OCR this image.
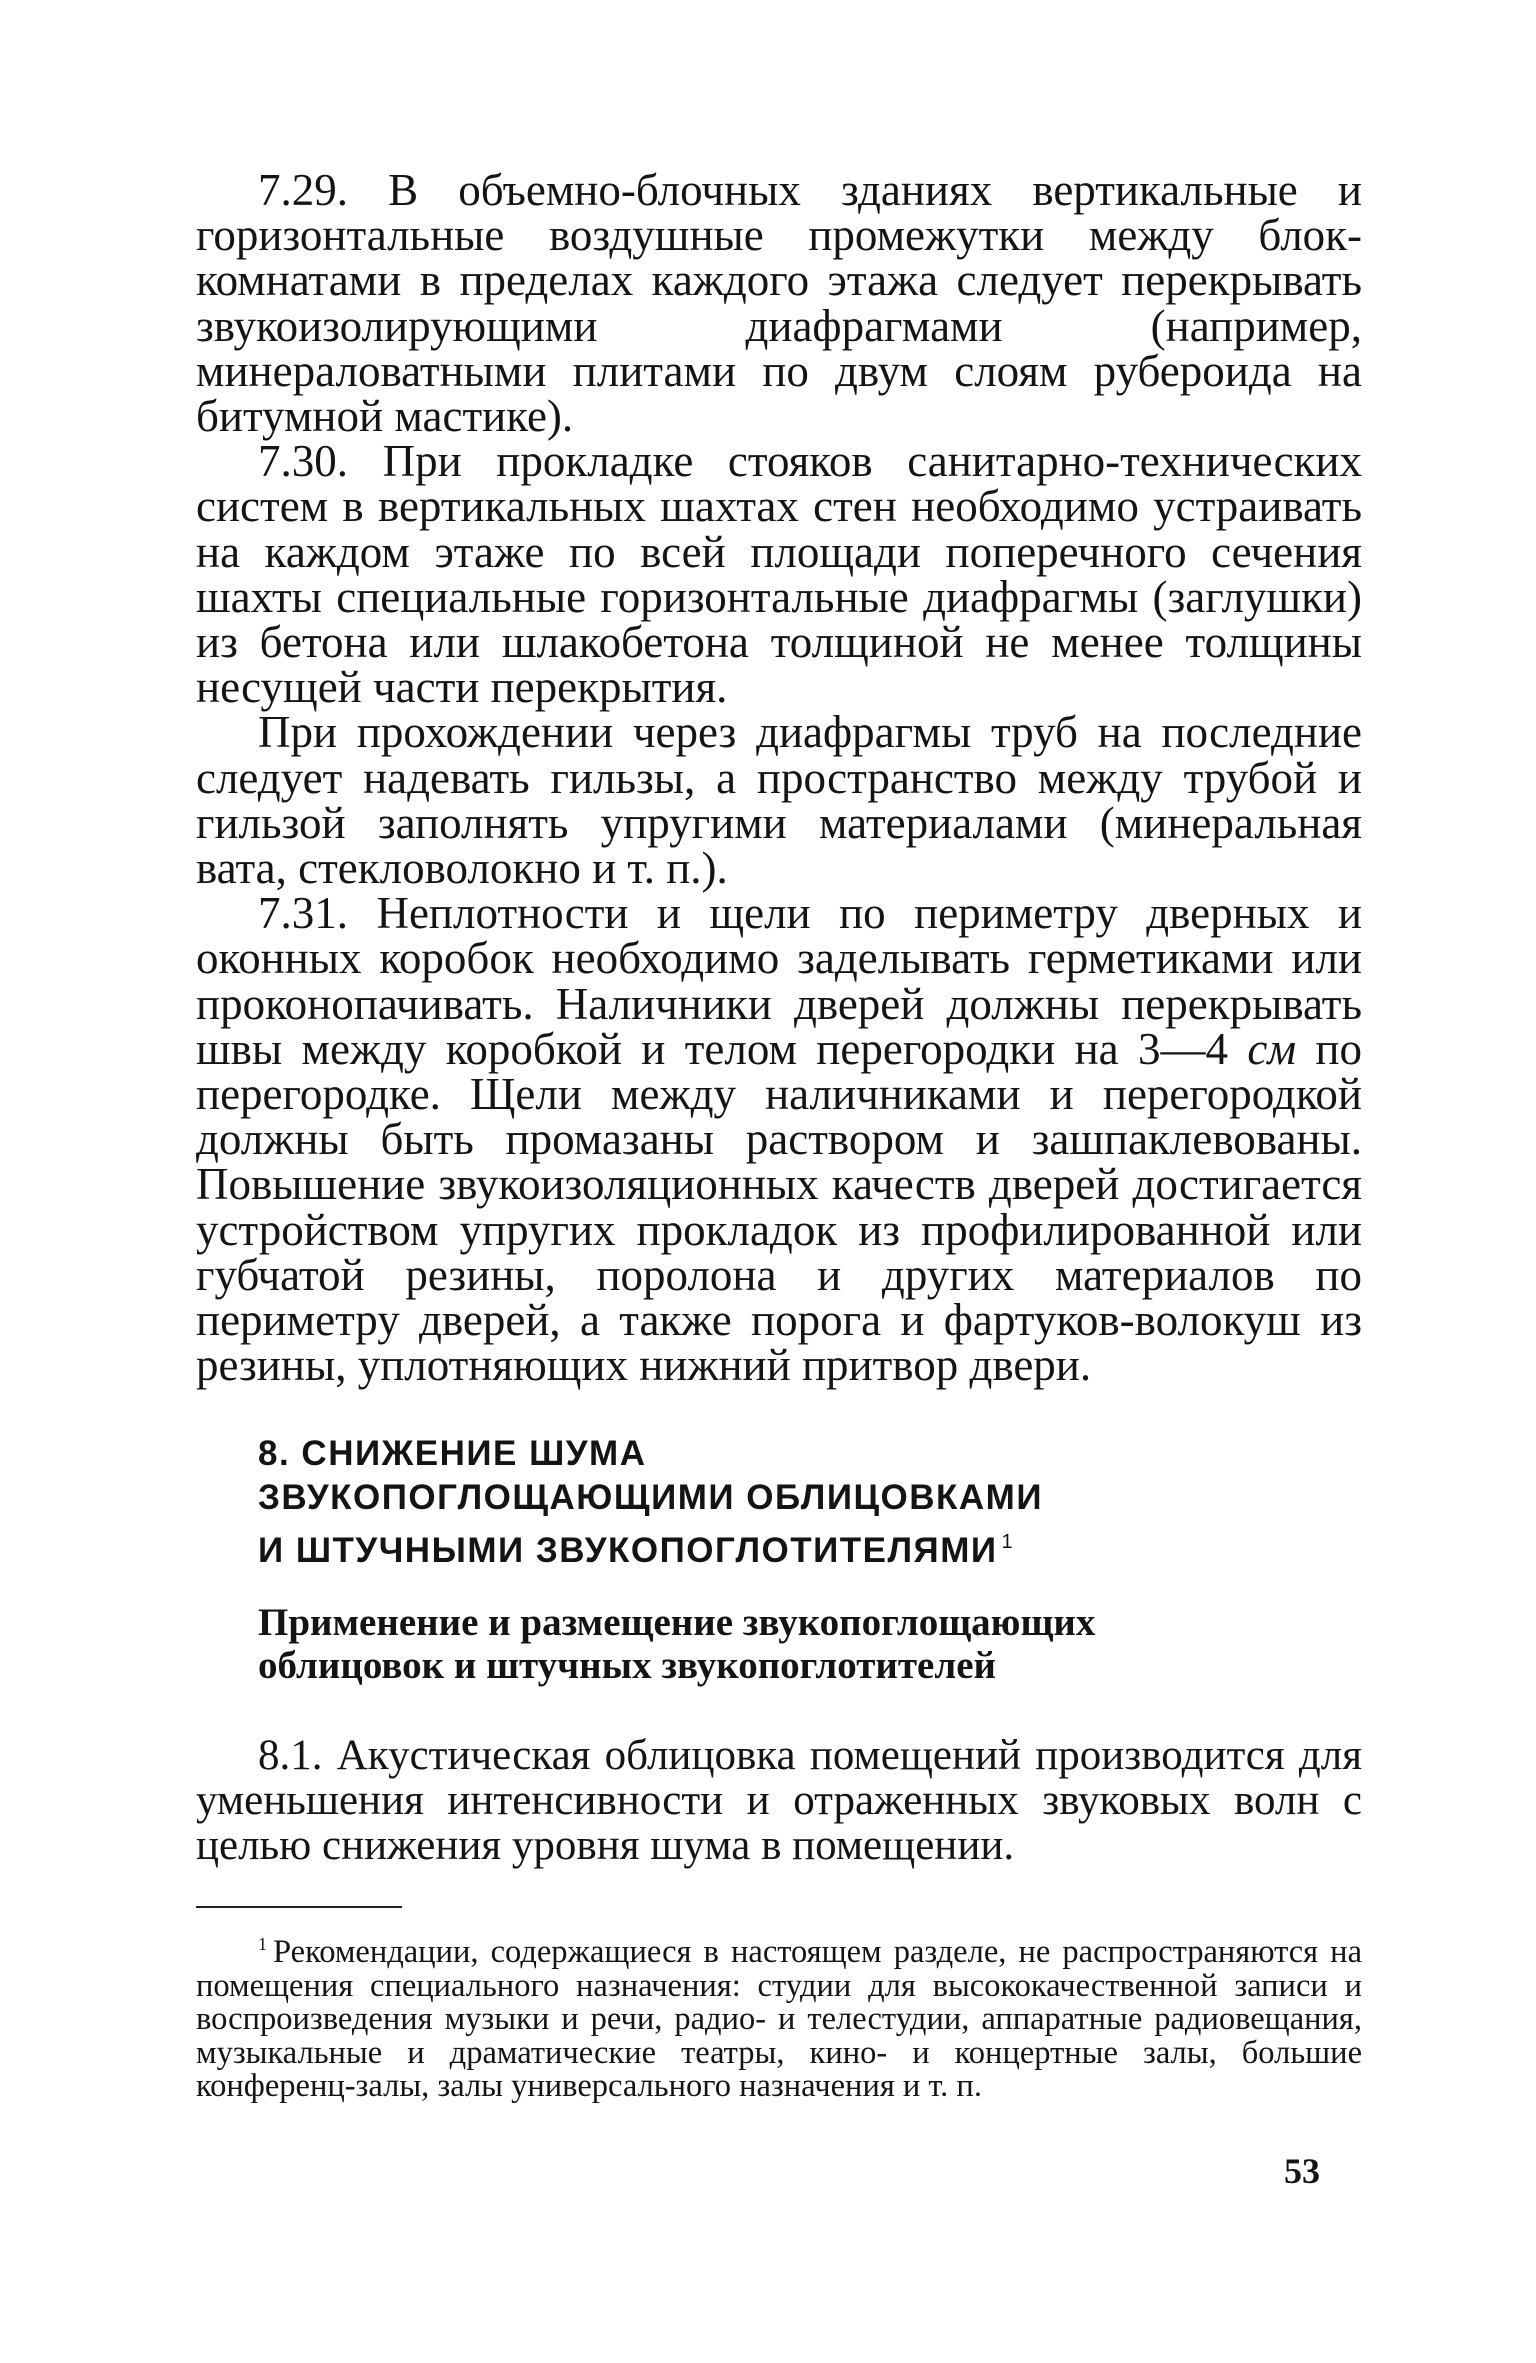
7.29. В объемно-блочных зданиях вертикальные и горизонтальные воздушные промежутки между блок-комнатами в пределах каждого этажа следует перекрывать звукоизолирующими диафрагмами (например, минераловатными плитами по двум слоям рубероида на битумной мастике).

7.30. При прокладке стояков санитарно-технических систем в вертикальных шахтах стен необходимо устраивать на каждом этаже по всей площади поперечного сечения шахты специальные горизонтальные диафрагмы (заглушки) из бетона или шлакобетона толщиной не менее толщины несущей части перекрытия.

При прохождении через диафрагмы труб на последние следует надевать гильзы, а пространство между трубой и гильзой заполнять упругими материалами (минеральная вата, стекловолокно и т. п.).

7.31. Неплотности и щели по периметру дверных и оконных коробок необходимо заделывать герметиками или проконопачивать. Наличники дверей должны перекрывать швы между коробкой и телом перегородки на 3—4 см по перегородке. Щели между наличниками и перегородкой должны быть промазаны раствором и зашпаклевованы. Повышение звукоизоляционных качеств дверей достигается устройством упругих прокладок из профилированной или губчатой резины, поролона и других материалов по периметру дверей, а также порога и фартуков-волокуш из резины, уплотняющих нижний притвор двери.

8. СНИЖЕНИЕ ШУМА
ЗВУКОПОГЛОЩАЮЩИМИ ОБЛИЦОВКАМИ
И ШТУЧНЫМИ ЗВУКОПОГЛОТИТЕЛЯМИ $^1$
Применение и размещение звукопоглощающих
облицовок и штучных звукопоглотителей

8.1. Акустическая облицовка помещений производится для уменьшения интенсивности и отраженных звуковых волн с целью снижения уровня шума в помещении.

$^1$ Рекомендации, содержащиеся в настоящем разделе, не распространяются на помещения специального назначения: студии для высококачественной записи и воспроизведения музыки и речи, радио- и телестудии, аппаратные радиовещания, музыкальные и драматические театры, кино- и концертные залы, большие конференц-залы, залы универсального назначения и т. п.

53
